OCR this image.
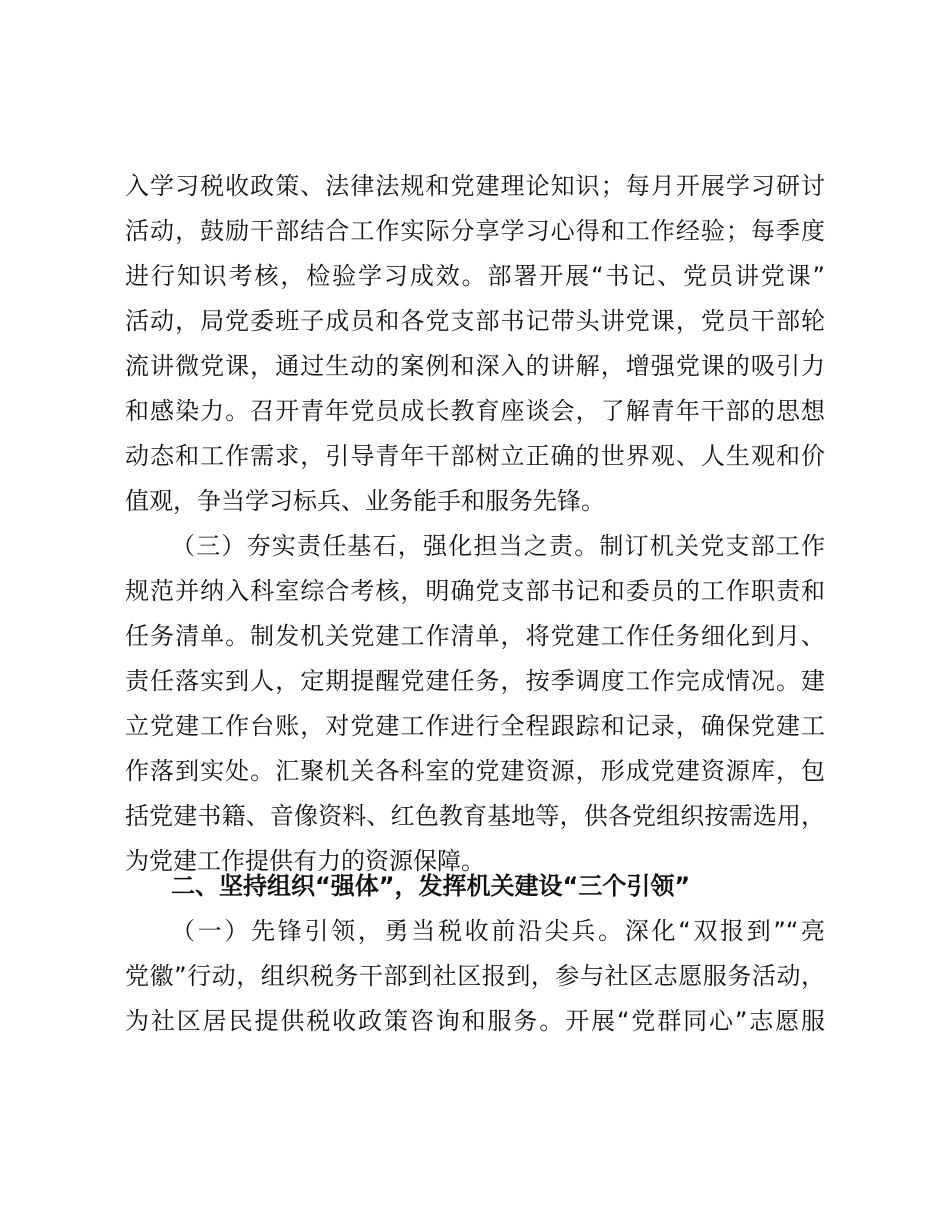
入学习税收政策、法律法规和党建理论知识；每月开展学习研讨
活动，鼓励干部结合工作实际分享学习心得和工作经验；每季度
进行知识考核，检验学习成效。部署开展“书记、党员讲党课”
活动，局党委班子成员和各党支部书记带头讲党课，党员干部轮
流讲微党课，通过生动的案例和深入的讲解，增强党课的吸引力
和感染力。召开青年党员成长教育座谈会，了解青年干部的思想
动态和工作需求，引导青年干部树立正确的世界观、人生观和价
值观，争当学习标兵、业务能手和服务先锋。
（三）夯实责任基石，强化担当之责。制订机关党支部工作
规范并纳入科室综合考核，明确党支部书记和委员的工作职责和
任务清单。制发机关党建工作清单，将党建工作任务细化到月、
责任落实到人，定期提醒党建任务，按季调度工作完成情况。建
立党建工作台账，对党建工作进行全程跟踪和记录，确保党建工
作落到实处。汇聚机关各科室的党建资源，形成党建资源库，包
括党建书籍、音像资料、红色教育基地等，供各党组织按需选用，
为党建工作提供有力的资源保障。
二、坚持组织“强体”，发挥机关建设“三个引领”
（一）先锋引领，勇当税收前沿尖兵。深化“双报到”“亮
党徽”行动，组织税务干部到社区报到，参与社区志愿服务活动，
为社区居民提供税收政策咨询和服务。开展“党群同心”志愿服
